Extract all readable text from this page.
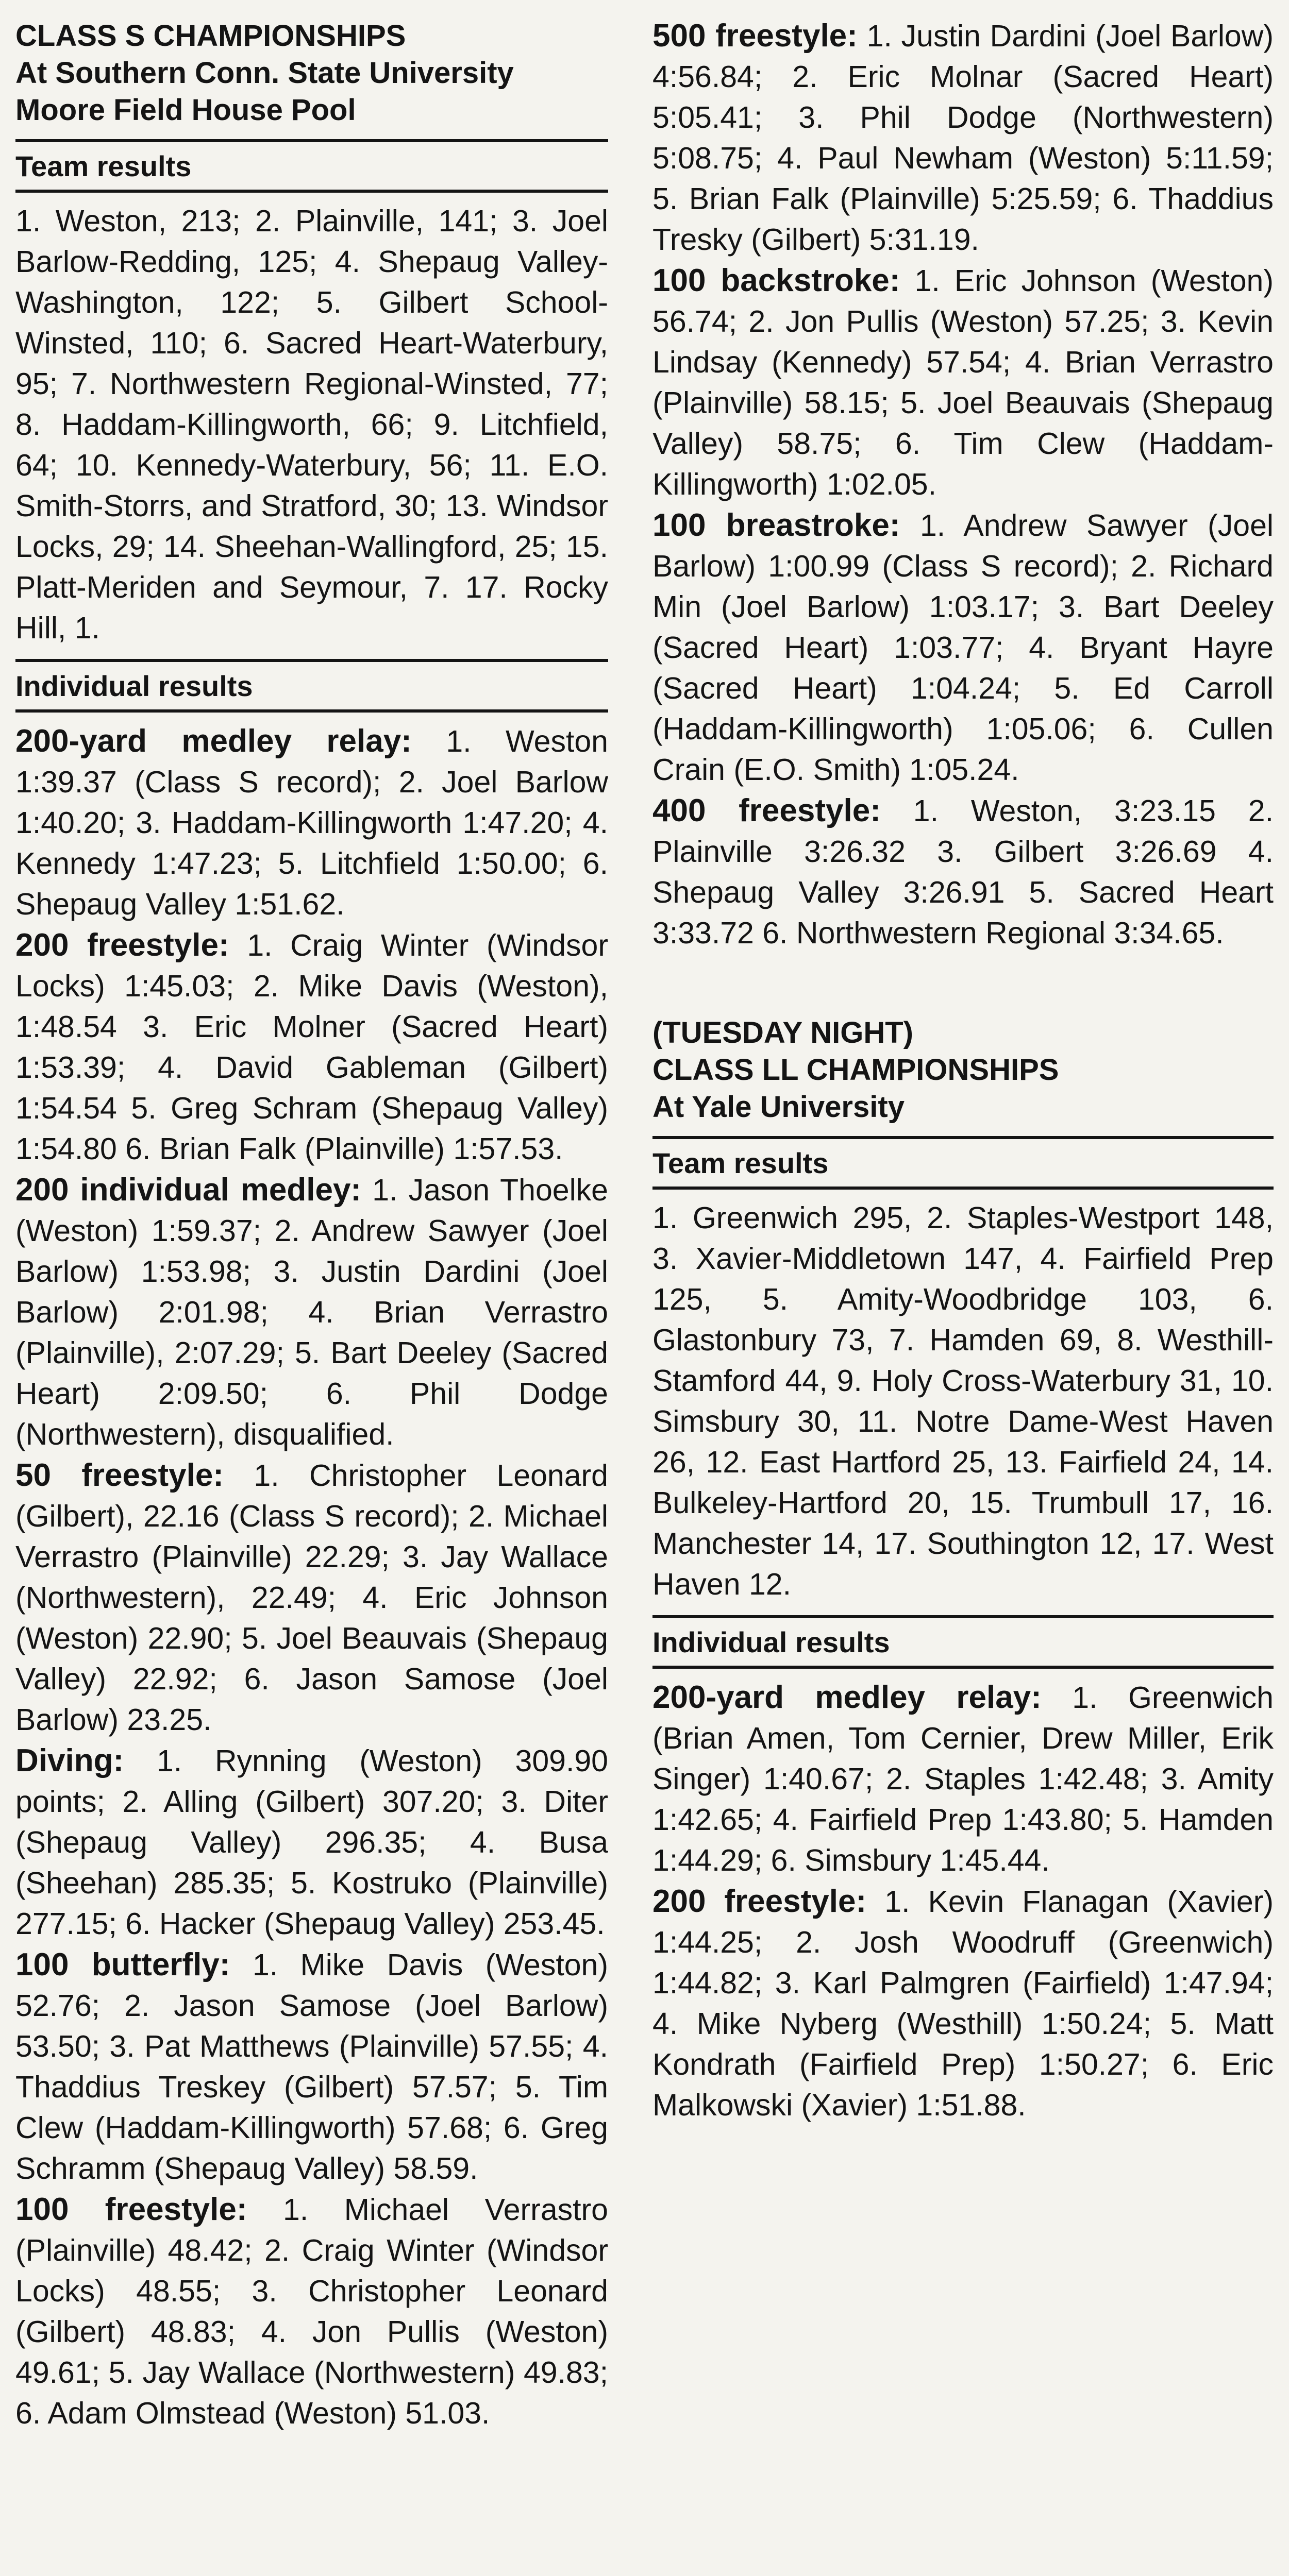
CLASS S CHAMPIONSHIPS

At Southern Conn. State University

Moore Field House Pool

Team results

1. Weston, 213; 2. Plainville, 141; 3. Joel Barlow-Redding, 125; 4. Shepaug Valley-Washington, 122; 5. Gilbert School-Winsted, 110; 6. Sacred Heart-Waterbury, 95; 7. Northwestern Regional-Winsted, 77; 8. Haddam-Killingworth, 66; 9. Litchfield, 64; 10. Kennedy-Waterbury, 56; 11. E.O. Smith-Storrs, and Stratford, 30; 13. Windsor Locks, 29; 14. Sheehan-Wallingford, 25; 15. Platt-Meriden and Seymour, 7. 17. Rocky Hill, 1.

Individual results

200-yard medley relay: 1. Weston 1:39.37 (Class S record); 2. Joel Barlow 1:40.20; 3. Haddam-Killingworth 1:47.20; 4. Kennedy 1:47.23; 5. Litchfield 1:50.00; 6. Shepaug Valley 1:51.62.

200 freestyle: 1. Craig Winter (Windsor Locks) 1:45.03; 2. Mike Davis (Weston), 1:48.54 3. Eric Molner (Sacred Heart) 1:53.39; 4. David Gableman (Gilbert) 1:54.54 5. Greg Schram (Shepaug Valley) 1:54.80 6. Brian Falk (Plainville) 1:57.53.

200 individual medley: 1. Jason Thoelke (Weston) 1:59.37; 2. Andrew Sawyer (Joel Barlow) 1:53.98; 3. Justin Dardini (Joel Barlow) 2:01.98; 4. Brian Verrastro (Plainville), 2:07.29; 5. Bart Deeley (Sacred Heart) 2:09.50; 6. Phil Dodge (Northwestern), disqualified.

50 freestyle: 1. Christopher Leonard (Gilbert), 22.16 (Class S record); 2. Michael Verrastro (Plainville) 22.29; 3. Jay Wallace (Northwestern), 22.49; 4. Eric Johnson (Weston) 22.90; 5. Joel Beauvais (Shepaug Valley) 22.92; 6. Jason Samose (Joel Barlow) 23.25.

Diving: 1. Rynning (Weston) 309.90 points; 2. Alling (Gilbert) 307.20; 3. Diter (Shepaug Valley) 296.35; 4. Busa (Sheehan) 285.35; 5. Kostruko (Plainville) 277.15; 6. Hacker (Shepaug Valley) 253.45.

100 butterfly: 1. Mike Davis (Weston) 52.76; 2. Jason Samose (Joel Barlow) 53.50; 3. Pat Matthews (Plainville) 57.55; 4. Thaddius Treskey (Gilbert) 57.57; 5. Tim Clew (Haddam-Killingworth) 57.68; 6. Greg Schramm (Shepaug Valley) 58.59.

100 freestyle: 1. Michael Verrastro (Plainville) 48.42; 2. Craig Winter (Windsor Locks) 48.55; 3. Christopher Leonard (Gilbert) 48.83; 4. Jon Pullis (Weston) 49.61; 5. Jay Wallace (Northwestern) 49.83; 6. Adam Olmstead (Weston) 51.03.

500 freestyle: 1. Justin Dardini (Joel Barlow) 4:56.84; 2. Eric Molnar (Sacred Heart) 5:05.41; 3. Phil Dodge (Northwestern) 5:08.75; 4. Paul Newham (Weston) 5:11.59; 5. Brian Falk (Plainville) 5:25.59; 6. Thaddius Tresky (Gilbert) 5:31.19.

100 backstroke: 1. Eric Johnson (Weston) 56.74; 2. Jon Pullis (Weston) 57.25; 3. Kevin Lindsay (Kennedy) 57.54; 4. Brian Verrastro (Plainville) 58.15; 5. Joel Beauvais (Shepaug Valley) 58.75; 6. Tim Clew (Haddam-Killingworth) 1:02.05.

100 breastroke: 1. Andrew Sawyer (Joel Barlow) 1:00.99 (Class S record); 2. Richard Min (Joel Barlow) 1:03.17; 3. Bart Deeley (Sacred Heart) 1:03.77; 4. Bryant Hayre (Sacred Heart) 1:04.24; 5. Ed Carroll (Haddam-Killingworth) 1:05.06; 6. Cullen Crain (E.O. Smith) 1:05.24.

400 freestyle: 1. Weston, 3:23.15 2. Plainville 3:26.32 3. Gilbert 3:26.69 4. Shepaug Valley 3:26.91 5. Sacred Heart 3:33.72 6. Northwestern Regional 3:34.65.

(TUESDAY NIGHT)

CLASS LL CHAMPIONSHIPS

At Yale University

Team results

1. Greenwich 295, 2. Staples-Westport 148, 3. Xavier-Middletown 147, 4. Fairfield Prep 125, 5. Amity-Woodbridge 103, 6. Glastonbury 73, 7. Hamden 69, 8. Westhill-Stamford 44, 9. Holy Cross-Waterbury 31, 10. Simsbury 30, 11. Notre Dame-West Haven 26, 12. East Hartford 25, 13. Fairfield 24, 14. Bulkeley-Hartford 20, 15. Trumbull 17, 16. Manchester 14, 17. Southington 12, 17. West Haven 12.

Individual results

200-yard medley relay: 1. Greenwich (Brian Amen, Tom Cernier, Drew Miller, Erik Singer) 1:40.67; 2. Staples 1:42.48; 3. Amity 1:42.65; 4. Fairfield Prep 1:43.80; 5. Hamden 1:44.29; 6. Simsbury 1:45.44.

200 freestyle: 1. Kevin Flanagan (Xavier) 1:44.25; 2. Josh Woodruff (Greenwich) 1:44.82; 3. Karl Palmgren (Fairfield) 1:47.94; 4. Mike Nyberg (Westhill) 1:50.24; 5. Matt Kondrath (Fairfield Prep) 1:50.27; 6. Eric Malkowski (Xavier) 1:51.88.
